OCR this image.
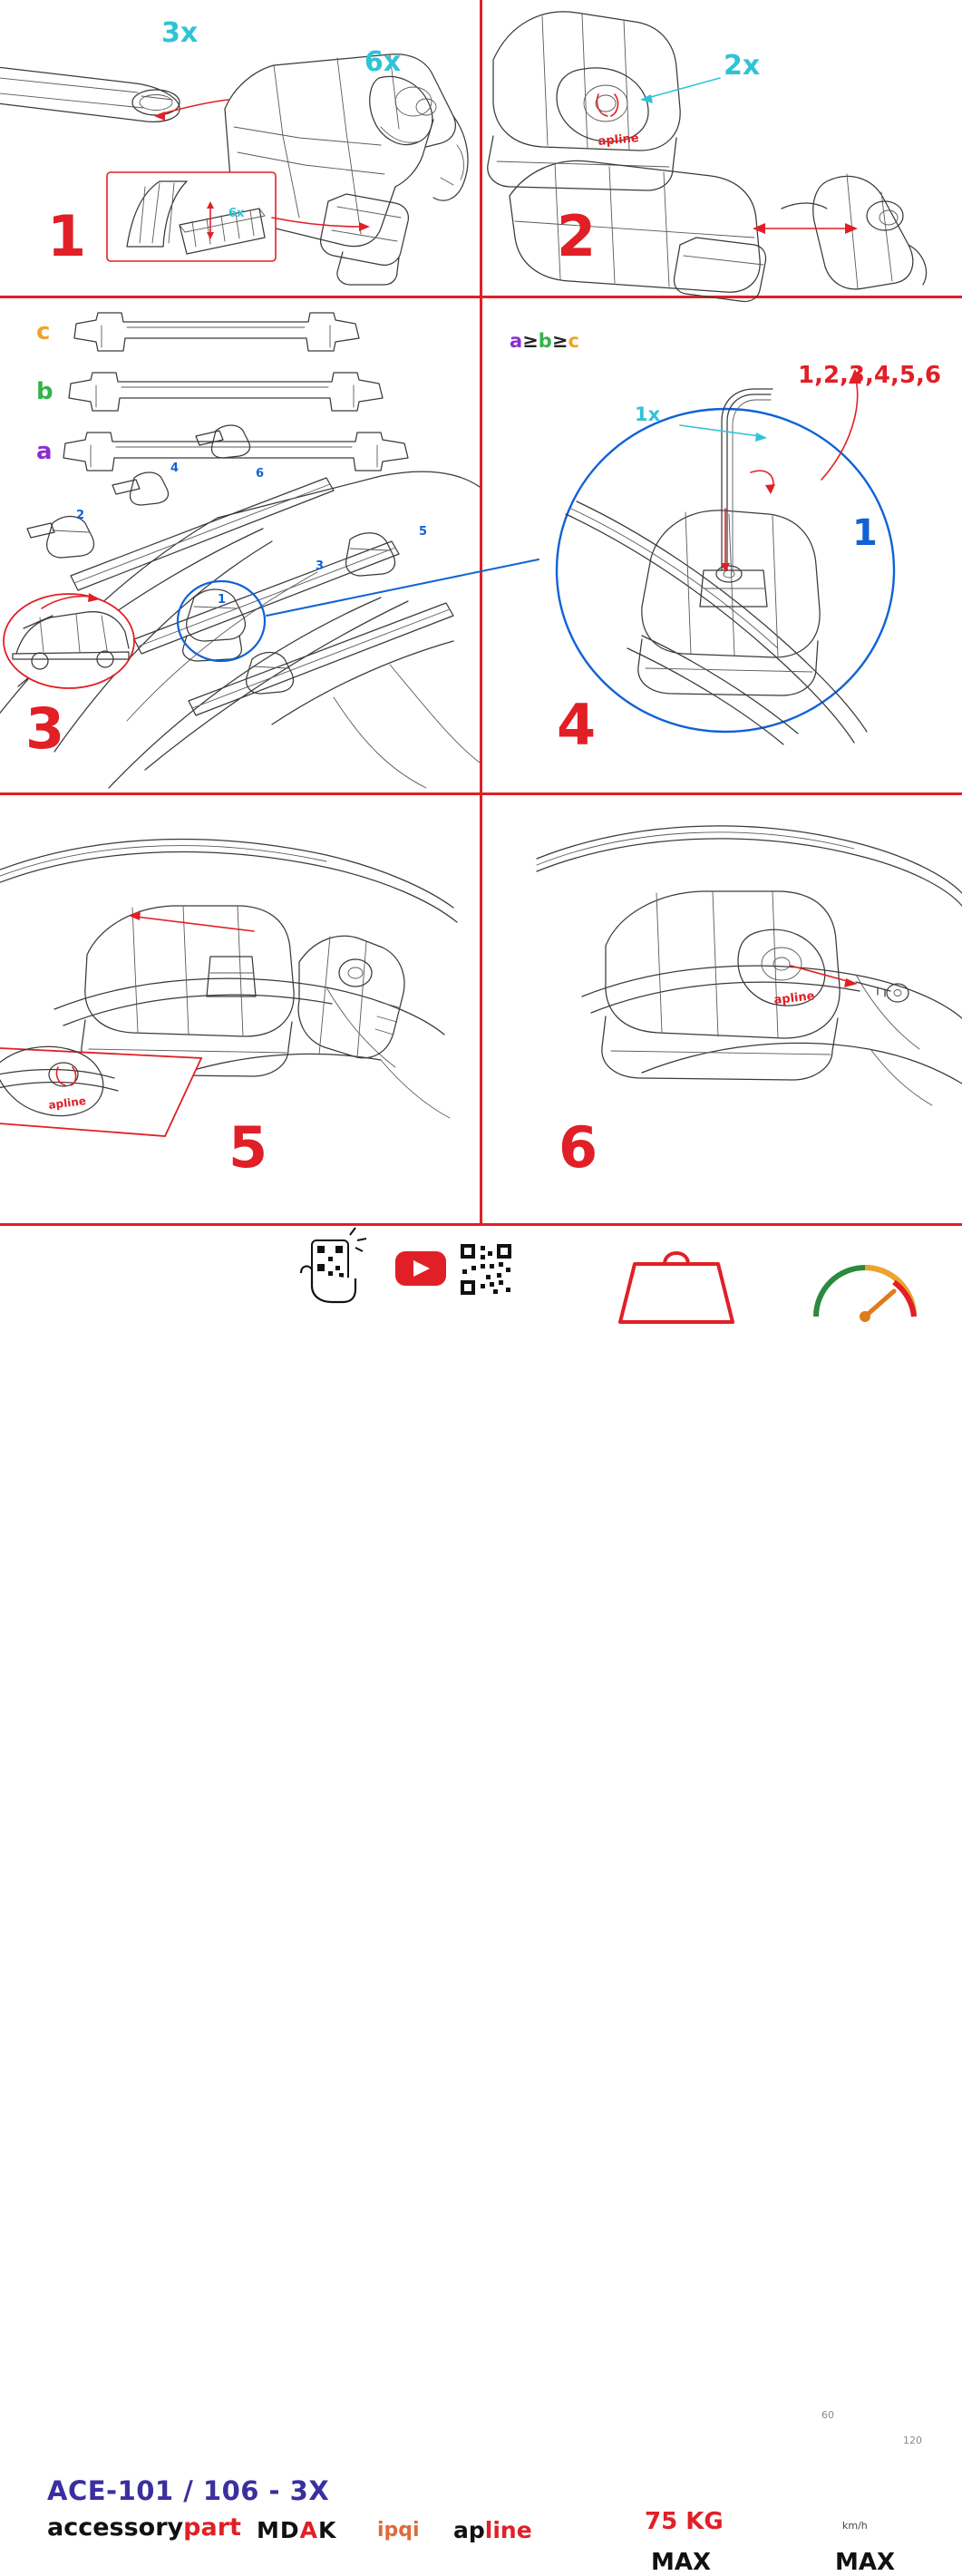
3x
6x
6x
1
apline
2x
2
c
b
a
1
2
3
4
5
6
3
a≥b≥c
1,2,3,4,5,6
1x
1
4
apline
5
apline
6
ACE-101 / 106 - 3X
accessorypart MDAK ipqi apline	75 KG
MAX	MAX
km/h
60
120
